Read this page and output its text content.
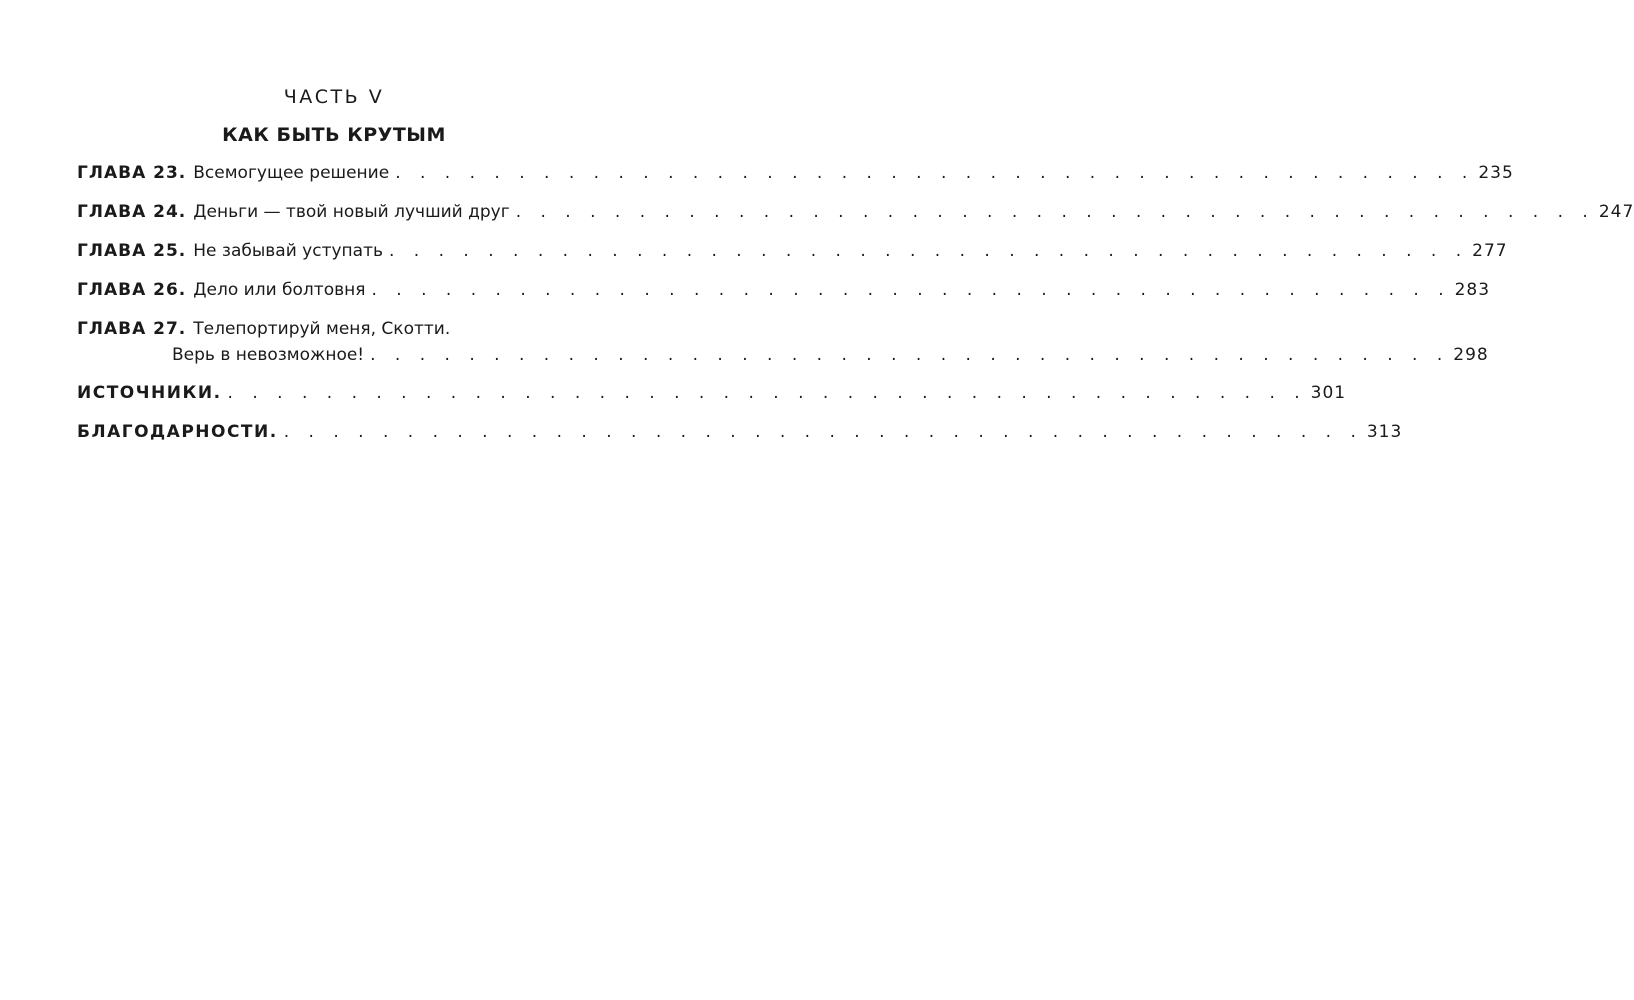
ЧАСТЬ V
КАК БЫТЬ КРУТЫМ
ГЛАВА 23. Всемогущее решение . . . . . . . . . . . . . . . . . . . . . . . . . . . . . . . . . . . . . . . . . . . . 235
ГЛАВА 24. Деньги — твой новый лучший друг . . . . . . . . . . . . . . . . . . . . . . . . . . . . . . . . . . . . . . . . . . . . 247
ГЛАВА 25. Не забывай уступать . . . . . . . . . . . . . . . . . . . . . . . . . . . . . . . . . . . . . . . . . . . . 277
ГЛАВА 26. Дело или болтовня . . . . . . . . . . . . . . . . . . . . . . . . . . . . . . . . . . . . . . . . . . . . 283
ГЛАВА 27. Телепортируй меня, Скотти.
Верь в невозможное! . . . . . . . . . . . . . . . . . . . . . . . . . . . . . . . . . . . . . . . . . . . . 298
ИСТОЧНИКИ. . . . . . . . . . . . . . . . . . . . . . . . . . . . . . . . . . . . . . . . . . . . . 301
БЛАГОДАРНОСТИ. . . . . . . . . . . . . . . . . . . . . . . . . . . . . . . . . . . . . . . . . . . . . 313
